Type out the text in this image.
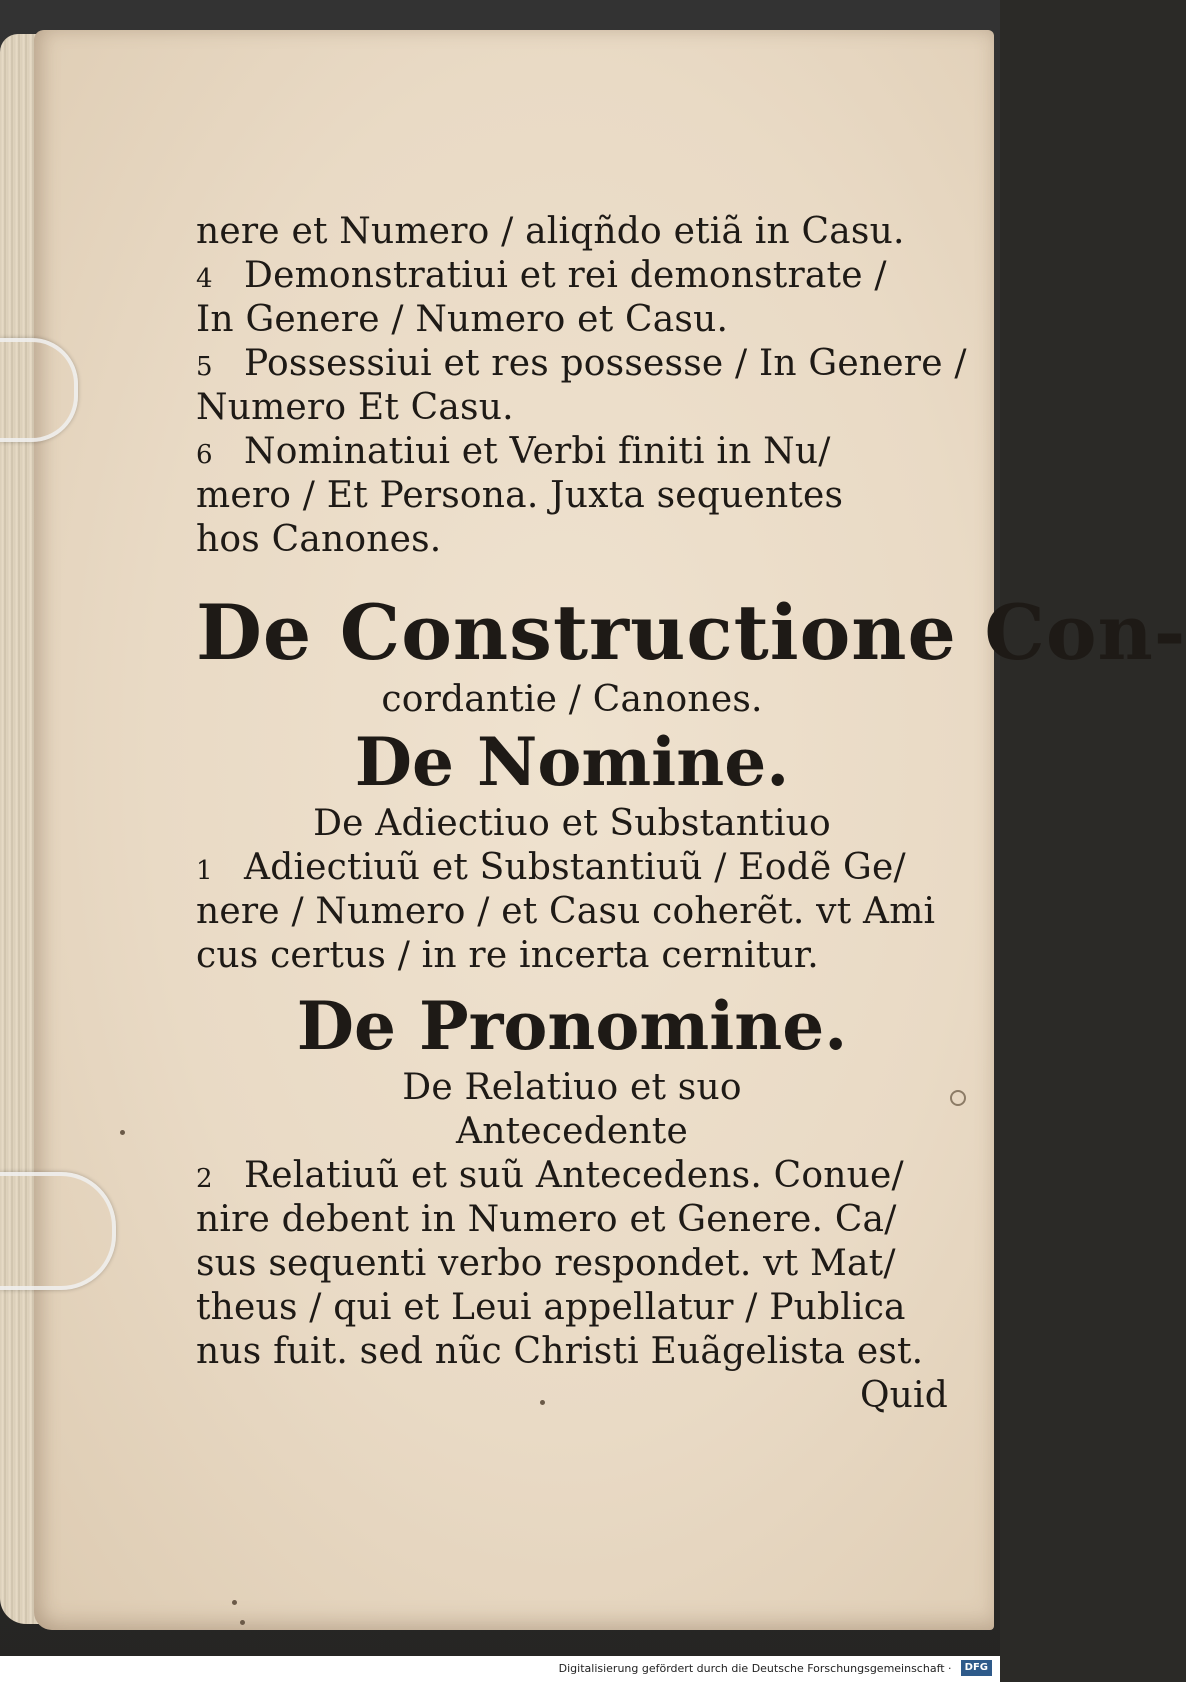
nere et Numero / aliqñdo etiã in Casu.
4 Demonstratiui et rei demonstrate /
In Genere / Numero et Casu.
5 Possessiui et res possesse / In Genere /
Numero Et Casu.
6 Nominatiui et Verbi finiti in Nu/
mero / Et Persona. Juxta sequentes
hos Canones.
De Constructione Con-
cordantie / Canones.
De Nomine.
De Adiectiuo et Substantiuo
1 Adiectiuũ et Substantiuũ / Eodẽ Ge/
nere / Numero / et Casu coherẽt. vt Ami
cus certus / in re incerta cernitur.
De Pronomine.
De Relatiuo et suo
Antecedente
2 Relatiuũ et suũ Antecedens. Conue/
nire debent in Numero et Genere. Ca/
sus sequenti verbo respondet. vt Mat/
theus / qui et Leui appellatur / Publica
nus fuit. sed nũc Christi Euãgelista est.
Quid
Digitalisierung gefördert durch die Deutsche Forschungsgemeinschaft · DFG
